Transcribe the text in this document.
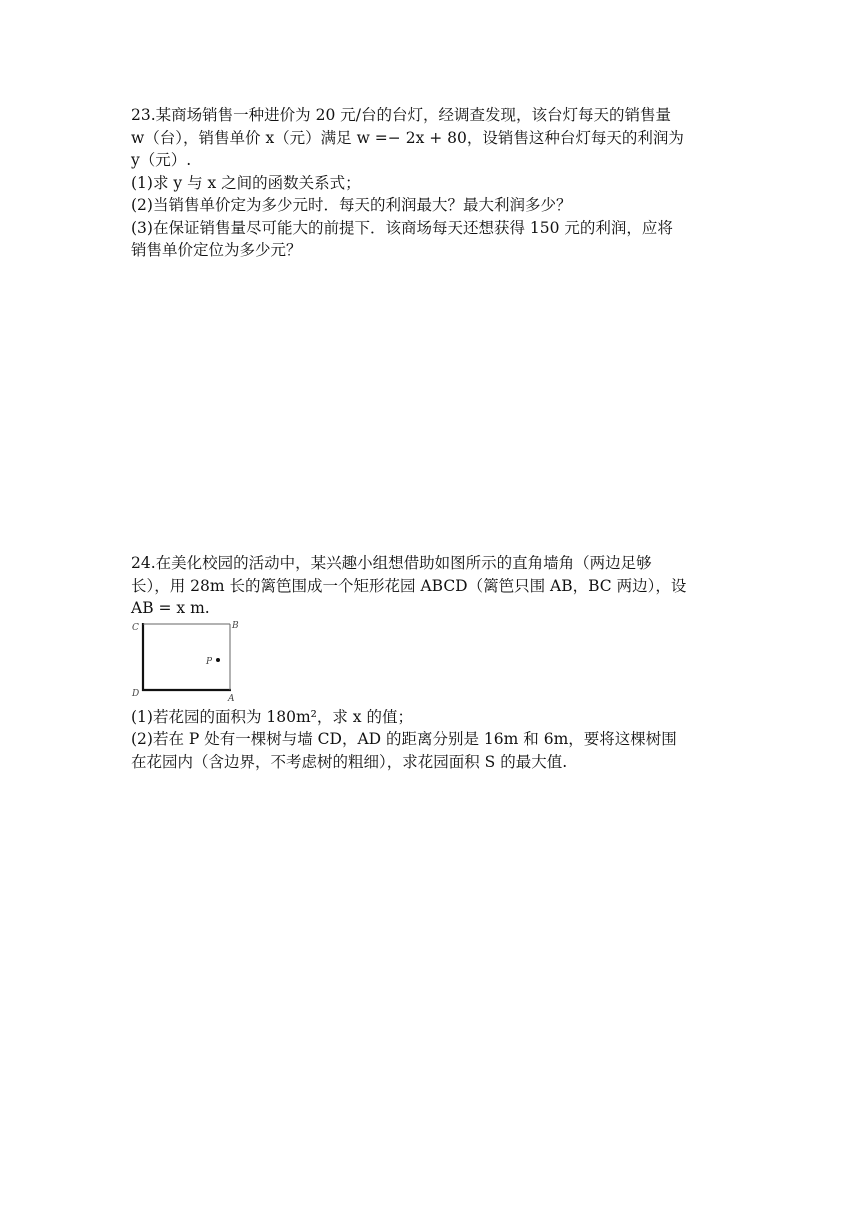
23.某商场销售一种进价为 20 元/台的台灯，经调查发现，该台灯每天的销售量
w（台），销售单价 x（元）满足 w =− 2x + 80，设销售这种台灯每天的利润为
y（元）.
(1)求 y 与 x 之间的函数关系式；
(2)当销售单价定为多少元时．每天的利润最大？最大利润多少？
(3)在保证销售量尽可能大的前提下．该商场每天还想获得 150 元的利润，应将
销售单价定位为多少元？
24.在美化校园的活动中，某兴趣小组想借助如图所示的直角墙角（两边足够
长），用 28m 长的篱笆围成一个矩形花园 ABCD（篱笆只围 AB，BC 两边），设
AB = x m.
C	B
D	A
P
(1)若花园的面积为 180m²，求 x 的值；
(2)若在 P 处有一棵树与墙 CD，AD 的距离分别是 16m 和 6m，要将这棵树围
在花园内（含边界，不考虑树的粗细），求花园面积 S 的最大值.
